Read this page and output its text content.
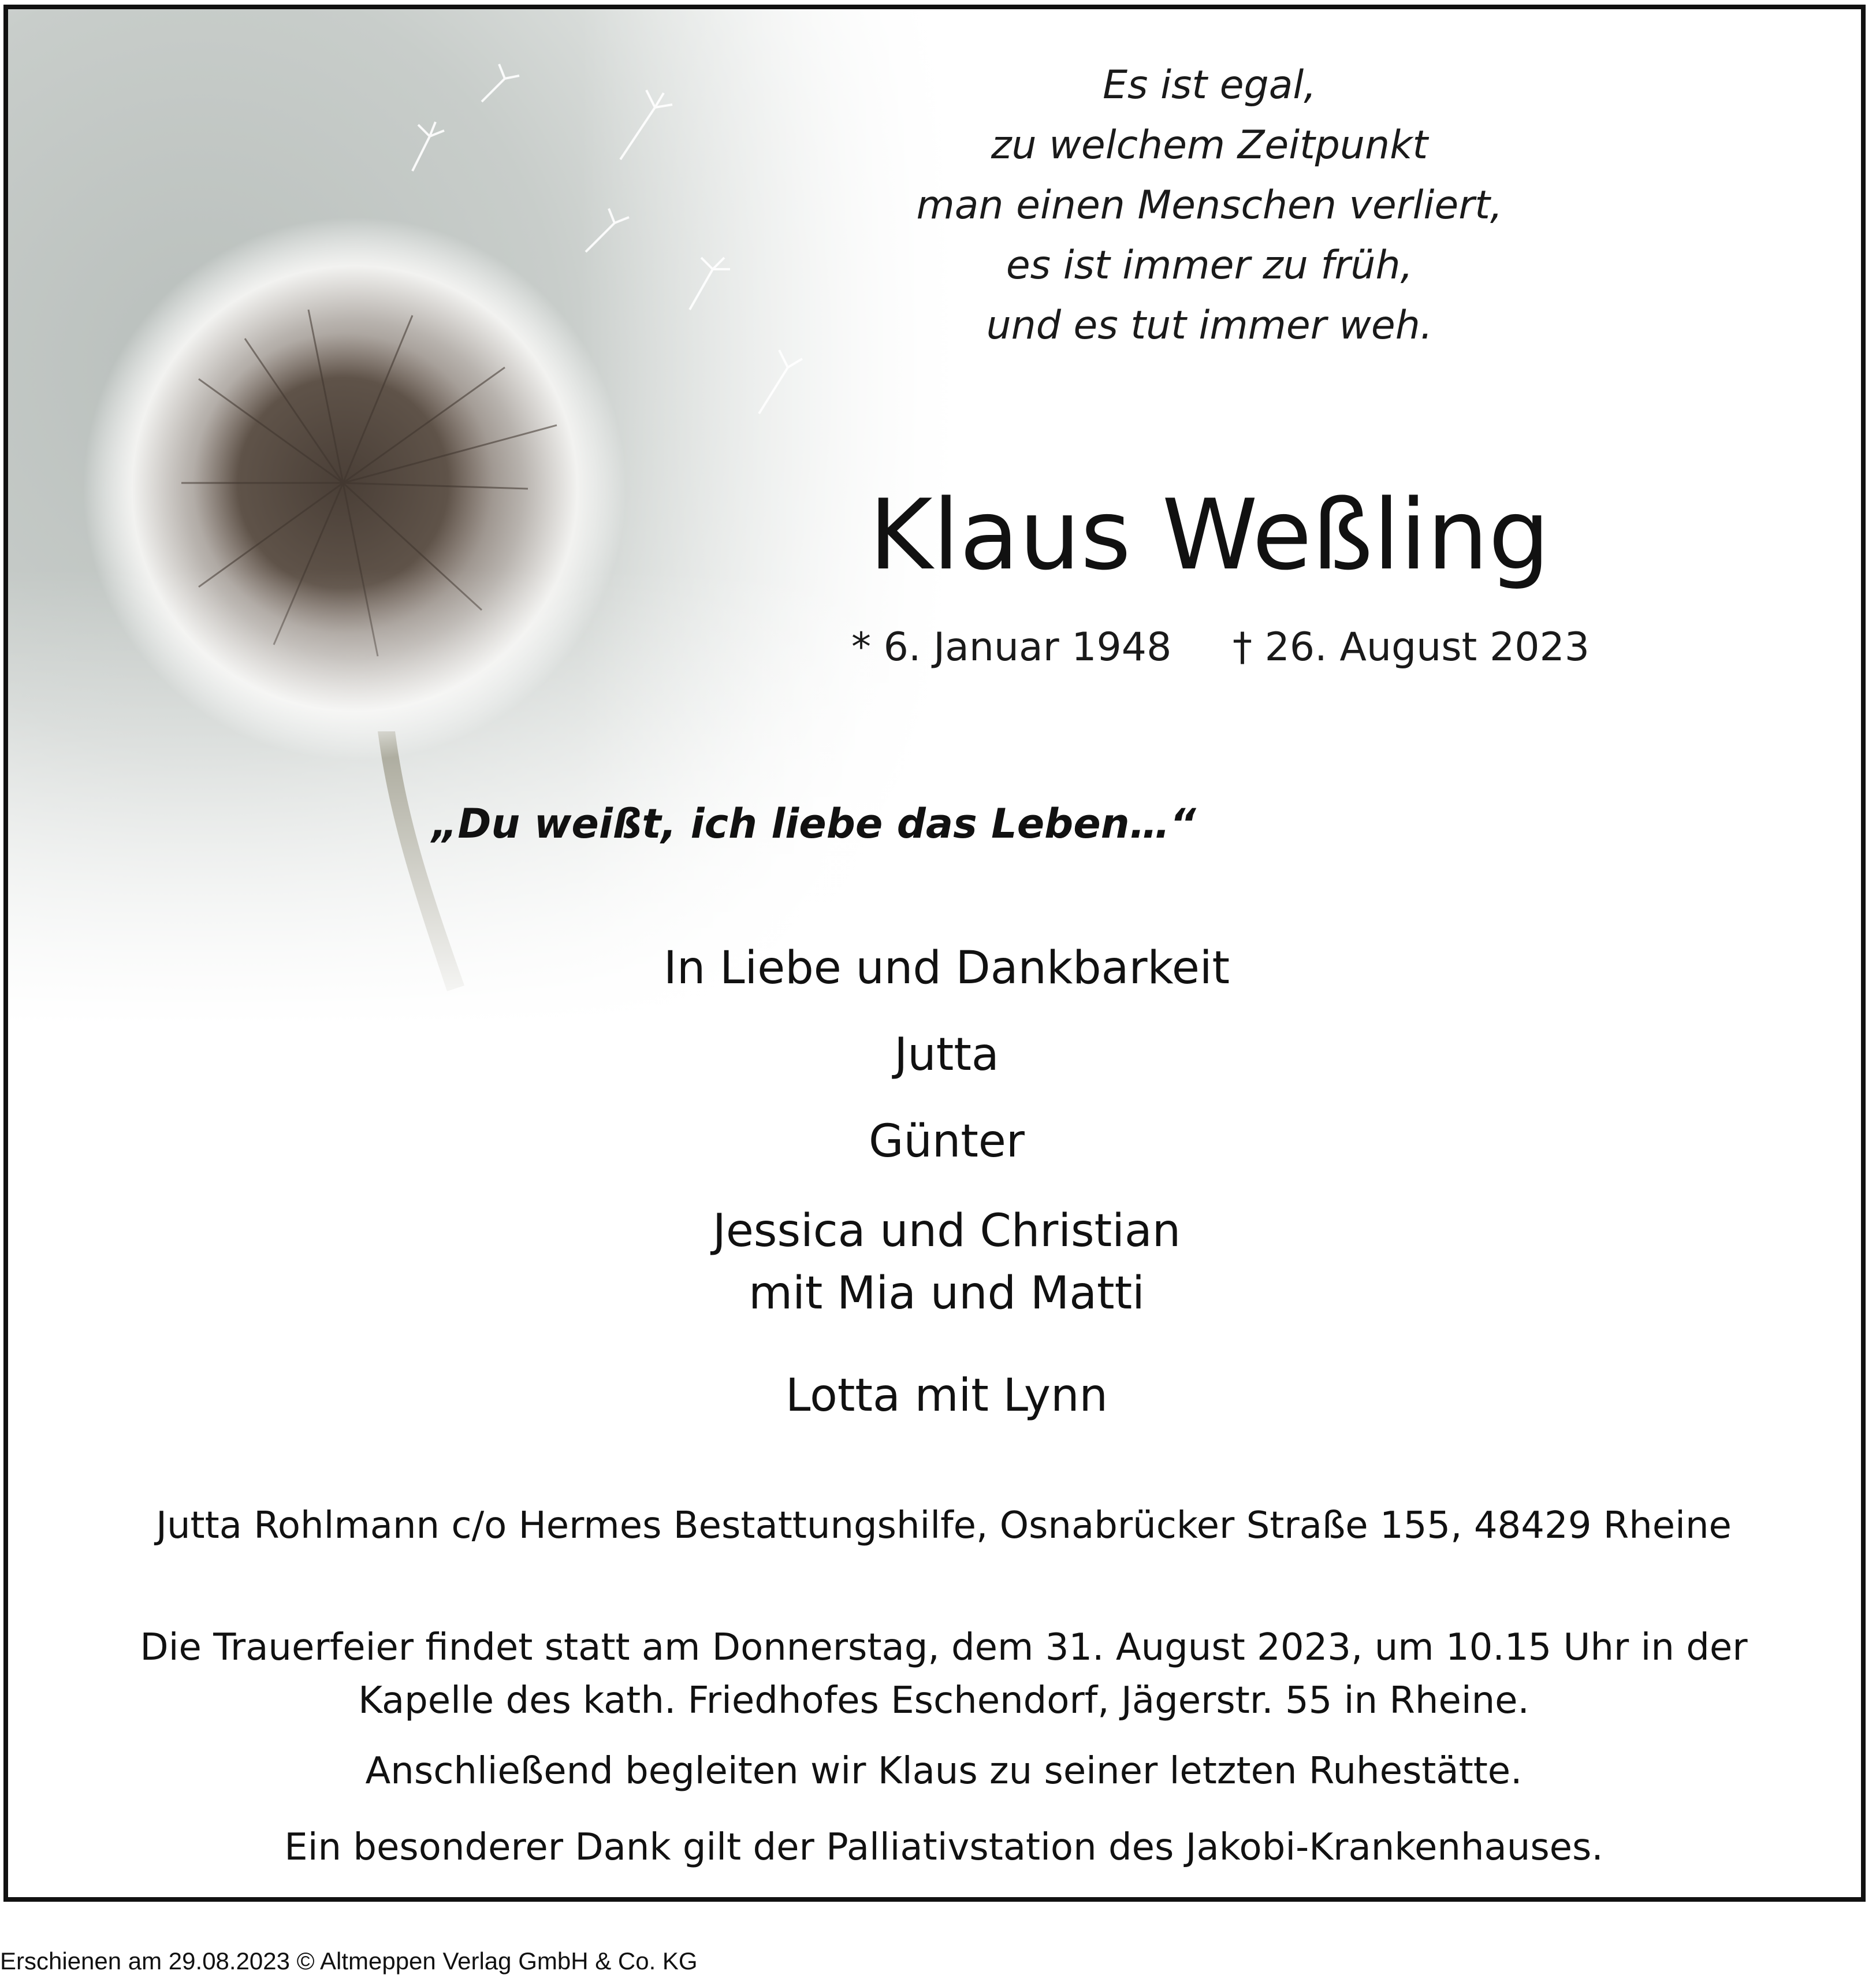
Es ist egal,
zu welchem Zeitpunkt
man einen Menschen verliert,
es ist immer zu früh,
und es tut immer weh.
Klaus Weßling
* 6. Januar 1948 † 26. August 2023
„Du weißt, ich liebe das Leben…“
In Liebe und Dankbarkeit
Jutta
Günter
Jessica und Christian
mit Mia und Matti
Lotta mit Lynn
Jutta Rohlmann c/o Hermes Bestattungshilfe, Osnabrücker Straße 155, 48429 Rheine
Die Trauerfeier findet statt am Donnerstag, dem 31. August 2023, um 10.15 Uhr in der
Kapelle des kath. Friedhofes Eschendorf, Jägerstr. 55 in Rheine.
Anschließend begleiten wir Klaus zu seiner letzten Ruhestätte.
Ein besonderer Dank gilt der Palliativstation des Jakobi-Krankenhauses.
Erschienen am 29.08.2023 © Altmeppen Verlag GmbH & Co. KG
